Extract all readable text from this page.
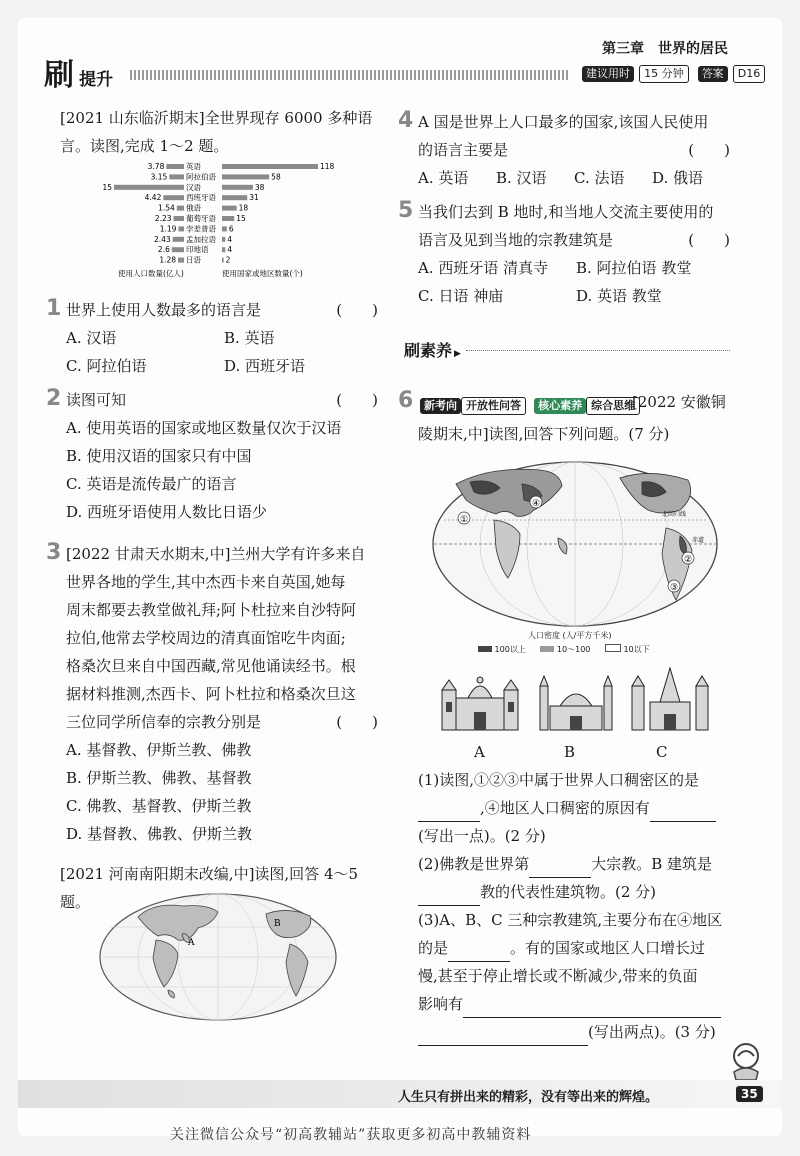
刷 提升
第三章　世界的居民
建议用时 15 分钟 答案 D16
[2021 山东临沂期末]全世界现存 6000 多种语
言。读图,完成 1～2 题。
3.78	英语	118
3.15 阿拉伯语	58
15	汉语	38
4.42	西班牙语	31
1.54 俄语	18
2.23 葡萄牙语	15
1.19 孛差普语 6
2.43 孟加拉语 4
2.6 印地语	4
1.28 日语	2
使用人口数量(亿人)	使用国家或地区数量(个)
1 世界上使用人数最多的语言是	(　　)
A. 汉语	B. 英语
C. 阿拉伯语	D. 西班牙语
2 读图可知	(　　)
A. 使用英语的国家或地区数量仅次于汉语
B. 使用汉语的国家只有中国
C. 英语是流传最广的语言
D. 西班牙语使用人数比日语少
3 [2022 甘肃天水期末,中]兰州大学有许多来自
世界各地的学生,其中杰西卡来自英国,她每
周末都要去教堂做礼拜;阿卜杜拉来自沙特阿
拉伯,他常去学校周边的清真面馆吃牛肉面;
格桑次旦来自中国西藏,常见他诵读经书。根
据材料推测,杰西卡、阿卜杜拉和格桑次旦这
三位同学所信奉的宗教分别是	(　　)
A. 基督教、伊斯兰教、佛教
B. 伊斯兰教、佛教、基督教
C. 佛教、基督教、伊斯兰教
D. 基督教、佛教、伊斯兰教
[2021 河南南阳期末改编,中]读图,回答 4～5 题。
A
B
4 A 国是世界上人口最多的国家,该国人民使用
的语言主要是	(　　)
A. 英语 B. 汉语 C. 法语 D. 俄语
5 当我们去到 B 地时,和当地人交流主要使用的
语言及见到当地的宗教建筑是	(　　)
A. 西班牙语 清真寺 B. 阿拉伯语 教堂
C. 日语 神庙	D. 英语 教堂
刷素养 ▶
6 新考向 开放性问答 核心素养 综合思维
[2022 安徽铜
陵期末,中]读图,回答下列问题。(7 分)
①
②
③
④
北回归线
赤道
人口密度 (人/平方千米)
100以上	10～100	10以下
A	B	C
(1)读图,①②③中属于世界人口稠密区的是
,④地区人口稠密的原因有
(写出一点)。(2 分)
(2)佛教是世界第	大宗教。B 建筑是
教的代表性建筑物。(2 分)
(3)A、B、C 三种宗教建筑,主要分布在④地区
的是	。有的国家或地区人口增长过
慢,甚至于停止增长或不断减少,带来的负面
影响有
(写出两点)。(3 分)
人生只有拼出来的精彩，没有等出来的辉煌。	35
关注微信公众号“初高教辅站”获取更多初高中教辅资料
